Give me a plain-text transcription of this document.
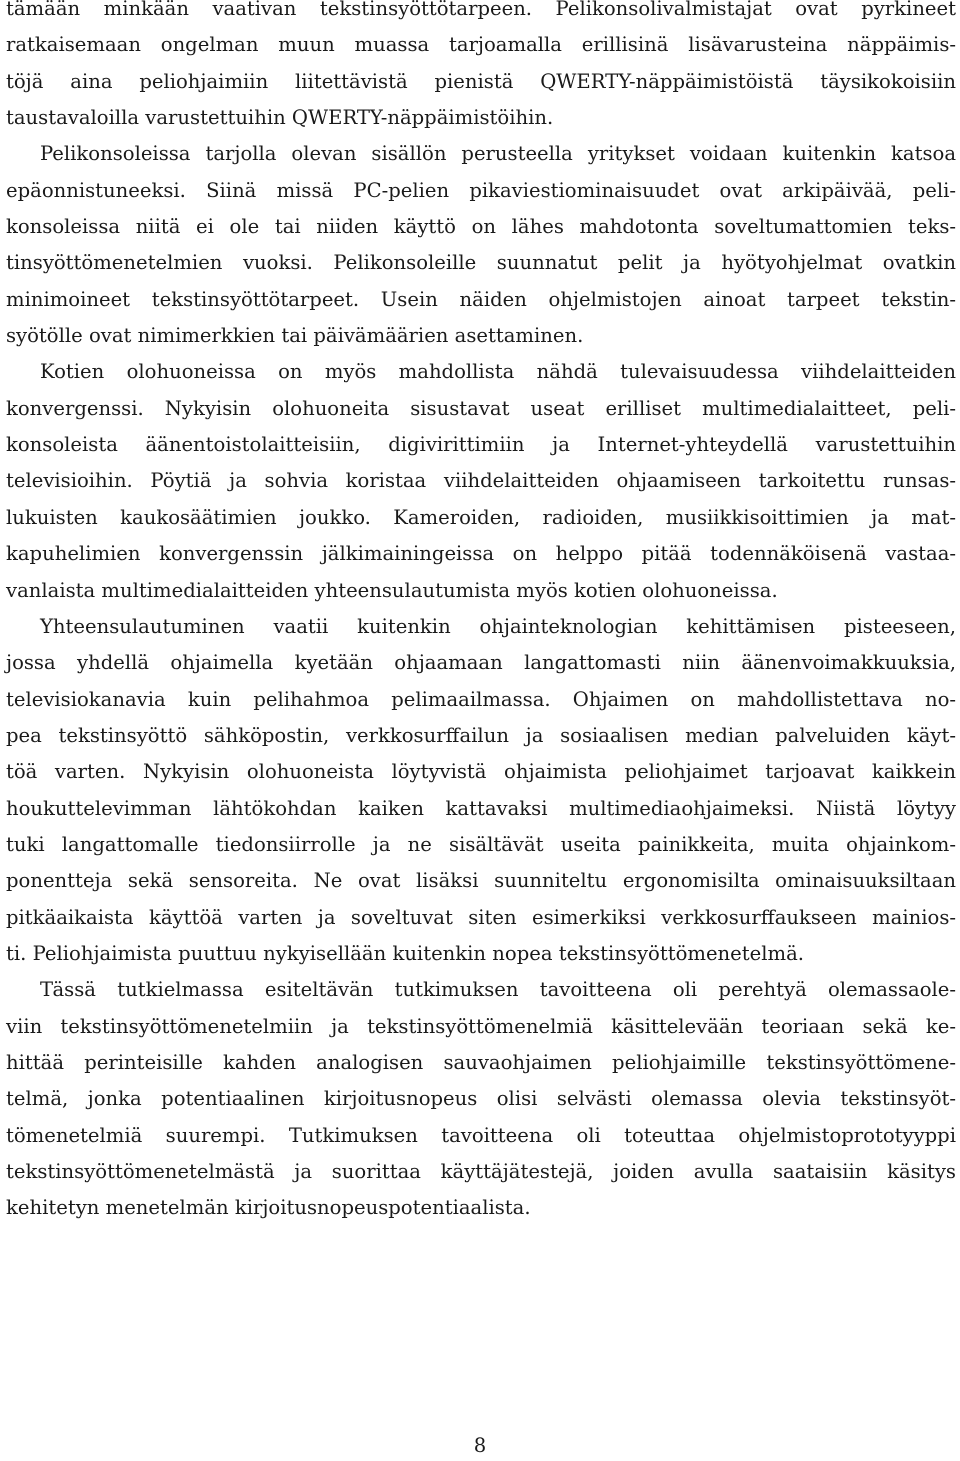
tämään minkään vaativan tekstinsyöttötarpeen. Pelikonsolivalmistajat ovat pyrkineet
ratkaisemaan ongelman muun muassa tarjoamalla erillisinä lisävarusteina näppäimis-
töjä aina peliohjaimiin liitettävistä pienistä QWERTY-näppäimistöistä täysikokoisiin
taustavaloilla varustettuihin QWERTY-näppäimistöihin.

Pelikonsoleissa tarjolla olevan sisällön perusteella yritykset voidaan kuitenkin katsoa
epäonnistuneeksi. Siinä missä PC-pelien pikaviestiominaisuudet ovat arkipäivää, peli-
konsoleissa niitä ei ole tai niiden käyttö on lähes mahdotonta soveltumattomien teks-
tinsyöttömenetelmien vuoksi. Pelikonsoleille suunnatut pelit ja hyötyohjelmat ovatkin
minimoineet tekstinsyöttötarpeet. Usein näiden ohjelmistojen ainoat tarpeet tekstin-
syötölle ovat nimimerkkien tai päivämäärien asettaminen.

Kotien olohuoneissa on myös mahdollista nähdä tulevaisuudessa viihdelaitteiden
konvergenssi. Nykyisin olohuoneita sisustavat useat erilliset multimedialaitteet, peli-
konsoleista äänentoistolaitteisiin, digivirittimiin ja Internet-yhteydellä varustettuihin
televisioihin. Pöytiä ja sohvia koristaa viihdelaitteiden ohjaamiseen tarkoitettu runsas-
lukuisten kaukosäätimien joukko. Kameroiden, radioiden, musiikkisoittimien ja mat-
kapuhelimien konvergenssin jälkimainingeissa on helppo pitää todennäköisenä vastaa-
vanlaista multimedialaitteiden yhteensulautumista myös kotien olohuoneissa.

Yhteensulautuminen vaatii kuitenkin ohjainteknologian kehittämisen pisteeseen,
jossa yhdellä ohjaimella kyetään ohjaamaan langattomasti niin äänenvoimakkuuksia,
televisiokanavia kuin pelihahmoa pelimaailmassa. Ohjaimen on mahdollistettava no-
pea tekstinsyöttö sähköpostin, verkkosurffailun ja sosiaalisen median palveluiden käyt-
töä varten. Nykyisin olohuoneista löytyvistä ohjaimista peliohjaimet tarjoavat kaikkein
houkuttelevimman lähtökohdan kaiken kattavaksi multimediaohjaimeksi. Niistä löytyy
tuki langattomalle tiedonsiirrolle ja ne sisältävät useita painikkeita, muita ohjainkom-
ponentteja sekä sensoreita. Ne ovat lisäksi suunniteltu ergonomisilta ominaisuuksiltaan
pitkäaikaista käyttöä varten ja soveltuvat siten esimerkiksi verkkosurffaukseen mainios-
ti. Peliohjaimista puuttuu nykyisellään kuitenkin nopea tekstinsyöttömenetelmä.

Tässä tutkielmassa esiteltävän tutkimuksen tavoitteena oli perehtyä olemassaole-
viin tekstinsyöttömenetelmiin ja tekstinsyöttömenelmiä käsittelevään teoriaan sekä ke-
hittää perinteisille kahden analogisen sauvaohjaimen peliohjaimille tekstinsyöttömene-
telmä, jonka potentiaalinen kirjoitusnopeus olisi selvästi olemassa olevia tekstinsyöt-
tömenetelmiä suurempi. Tutkimuksen tavoitteena oli toteuttaa ohjelmistoprototyyppi
tekstinsyöttömenetelmästä ja suorittaa käyttäjätestejä, joiden avulla saataisiin käsitys
kehitetyn menetelmän kirjoitusnopeuspotentiaalista.

8
